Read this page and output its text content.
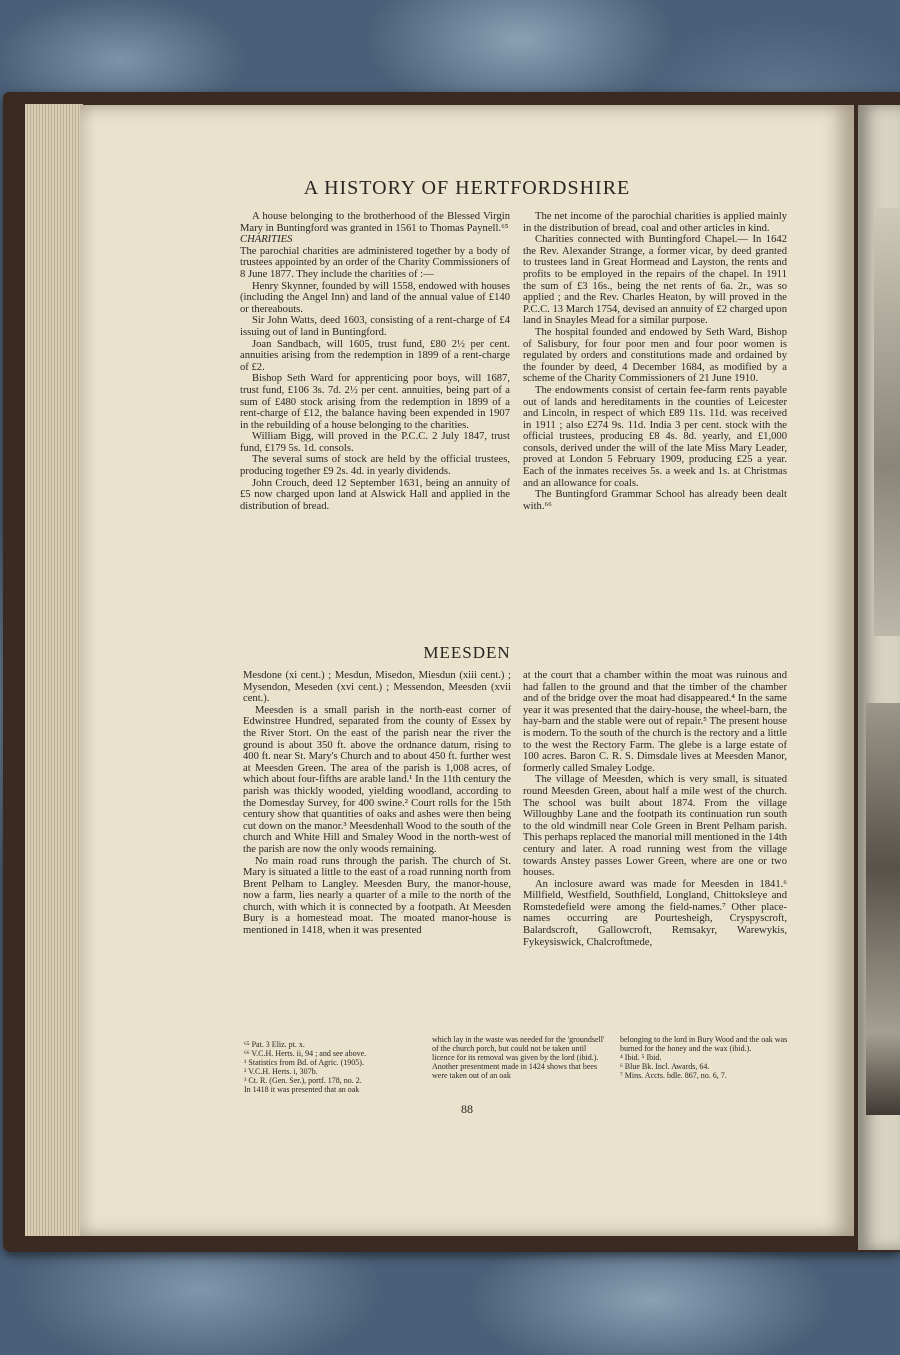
A HISTORY OF HERTFORDSHIRE

A house belonging to the brotherhood of the Blessed Virgin Mary in Buntingford was granted in 1561 to Thomas Paynell.⁶⁵

CHARITIES

The parochial charities are administered together by a body of trustees appointed by an order of the Charity Commissioners of 8 June 1877. They include the charities of :—

Henry Skynner, founded by will 1558, endowed with houses (including the Angel Inn) and land of the annual value of £140 or thereabouts.

Sir John Watts, deed 1603, consisting of a rent-charge of £4 issuing out of land in Buntingford.

Joan Sandbach, will 1605, trust fund, £80 2½ per cent. annuities arising from the redemption in 1899 of a rent-charge of £2.

Bishop Seth Ward for apprenticing poor boys, will 1687, trust fund, £106 3s. 7d. 2½ per cent. annuities, being part of a sum of £480 stock arising from the redemption in 1899 of a rent-charge of £12, the balance having been expended in 1907 in the rebuilding of a house belonging to the charities.

William Bigg, will proved in the P.C.C. 2 July 1847, trust fund, £179 5s. 1d. consols.

The several sums of stock are held by the official trustees, producing together £9 2s. 4d. in yearly dividends.

John Crouch, deed 12 September 1631, being an annuity of £5 now charged upon land at Alswick Hall and applied in the distribution of bread.

The net income of the parochial charities is applied mainly in the distribution of bread, coal and other articles in kind.

Charities connected with Buntingford Chapel.— In 1642 the Rev. Alexander Strange, a former vicar, by deed granted to trustees land in Great Hormead and Layston, the rents and profits to be employed in the repairs of the chapel. In 1911 the sum of £3 16s., being the net rents of 6a. 2r., was so applied ; and the Rev. Charles Heaton, by will proved in the P.C.C. 13 March 1754, devised an annuity of £2 charged upon land in Snayles Mead for a similar purpose.

The hospital founded and endowed by Seth Ward, Bishop of Salisbury, for four poor men and four poor women is regulated by orders and constitutions made and ordained by the founder by deed, 4 December 1684, as modified by a scheme of the Charity Commissioners of 21 June 1910.

The endowments consist of certain fee-farm rents payable out of lands and hereditaments in the counties of Leicester and Lincoln, in respect of which £89 11s. 11d. was received in 1911 ; also £274 9s. 11d. India 3 per cent. stock with the official trustees, producing £8 4s. 8d. yearly, and £1,000 consols, derived under the will of the late Miss Mary Leader, proved at London 5 February 1909, producing £25 a year. Each of the inmates receives 5s. a week and 1s. at Christmas and an allowance for coals.

The Buntingford Grammar School has already been dealt with.⁶⁶

MEESDEN

Mesdone (xi cent.) ; Mesdun, Misedon, Miesdun (xiii cent.) ; Mysendon, Meseden (xvi cent.) ; Messendon, Meesden (xvii cent.).

Meesden is a small parish in the north-east corner of Edwinstree Hundred, separated from the county of Essex by the River Stort. On the east of the parish near the river the ground is about 350 ft. above the ordnance datum, rising to 400 ft. near St. Mary's Church and to about 450 ft. further west at Meesden Green. The area of the parish is 1,008 acres, of which about four-fifths are arable land.¹ In the 11th century the parish was thickly wooded, yielding woodland, according to the Domesday Survey, for 400 swine.² Court rolls for the 15th century show that quantities of oaks and ashes were then being cut down on the manor.³ Meesdenhall Wood to the south of the church and White Hill and Smaley Wood in the north-west of the parish are now the only woods remaining.

No main road runs through the parish. The church of St. Mary is situated a little to the east of a road running north from Brent Pelham to Langley. Meesden Bury, the manor-house, now a farm, lies nearly a quarter of a mile to the north of the church, with which it is connected by a footpath. At Meesden Bury is a homestead moat. The moated manor-house is mentioned in 1418, when it was presented

at the court that a chamber within the moat was ruinous and had fallen to the ground and that the timber of the chamber and of the bridge over the moat had disappeared.⁴ In the same year it was presented that the dairy-house, the wheel-barn, the hay-barn and the stable were out of repair.⁵ The present house is modern. To the south of the church is the rectory and a little to the west the Rectory Farm. The glebe is a large estate of 100 acres. Baron C. R. S. Dimsdale lives at Meesden Manor, formerly called Smaley Lodge.

The village of Meesden, which is very small, is situated round Meesden Green, about half a mile west of the church. The school was built about 1874. From the village Willoughby Lane and the footpath its continuation run south to the old windmill near Cole Green in Brent Pelham parish. This perhaps replaced the manorial mill mentioned in the 14th century and later. A road running west from the village towards Anstey passes Lower Green, where are one or two houses.

An inclosure award was made for Meesden in 1841.⁶ Millfield, Westfield, Southfield, Longland, Chittoksleye and Romstedefield were among the field-names.⁷ Other place-names occurring are Pourtesheigh, Cryspyscroft, Balardscroft, Gallowcroft, Remsakyr, Warewykis, Fykeysiswick, Chalcroftmede,

⁶⁵ Pat. 3 Eliz. pt. x.

⁶⁶ V.C.H. Herts. ii, 94 ; and see above.

¹ Statistics from Bd. of Agric. (1905).

² V.C.H. Herts. i, 307b.

³ Ct. R. (Gen. Ser.), portf. 178, no. 2.

In 1418 it was presented that an oak

which lay in the waste was needed for the 'groundsell' of the church porch, but could not be taken until licence for its removal was given by the lord (ibid.). Another presentment made in 1424 shows that bees were taken out of an oak

belonging to the lord in Bury Wood and the oak was burned for the honey and the wax (ibid.).

⁴ Ibid. ⁵ Ibid.

⁶ Blue Bk. Incl. Awards, 64.

⁷ Mins. Accts. bdle. 867, no. 6, 7.

88
